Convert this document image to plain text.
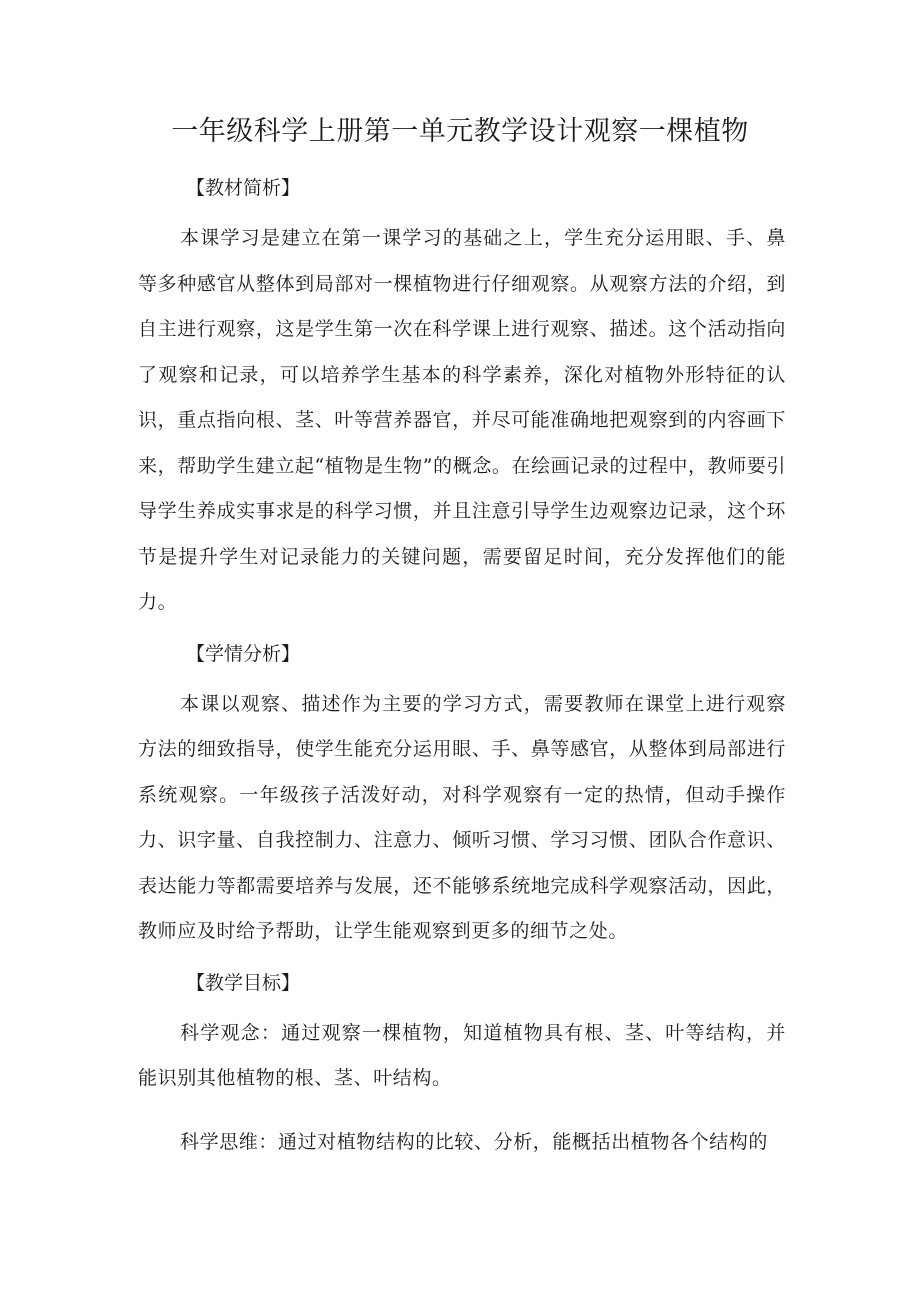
一年级科学上册第一单元教学设计观察一棵植物
【教材简析】

本课学习是建立在第一课学习的基础之上，学生充分运用眼、手、鼻等多种感官从整体到局部对一棵植物进行仔细观察。从观察方法的介绍，到自主进行观察，这是学生第一次在科学课上进行观察、描述。这个活动指向了观察和记录，可以培养学生基本的科学素养，深化对植物外形特征的认识，重点指向根、茎、叶等营养器官，并尽可能准确地把观察到的内容画下来，帮助学生建立起“植物是生物”的概念。在绘画记录的过程中，教师要引导学生养成实事求是的科学习惯，并且注意引导学生边观察边记录，这个环节是提升学生对记录能力的关键问题，需要留足时间，充分发挥他们的能力。

【学情分析】

本课以观察、描述作为主要的学习方式，需要教师在课堂上进行观察方法的细致指导，使学生能充分运用眼、手、鼻等感官，从整体到局部进行系统观察。一年级孩子活泼好动，对科学观察有一定的热情，但动手操作力、识字量、自我控制力、注意力、倾听习惯、学习习惯、团队合作意识、表达能力等都需要培养与发展，还不能够系统地完成科学观察活动，因此，教师应及时给予帮助，让学生能观察到更多的细节之处。

【教学目标】

科学观念：通过观察一棵植物，知道植物具有根、茎、叶等结构，并能识别其他植物的根、茎、叶结构。

科学思维：通过对植物结构的比较、分析，能概括出植物各个结构的
